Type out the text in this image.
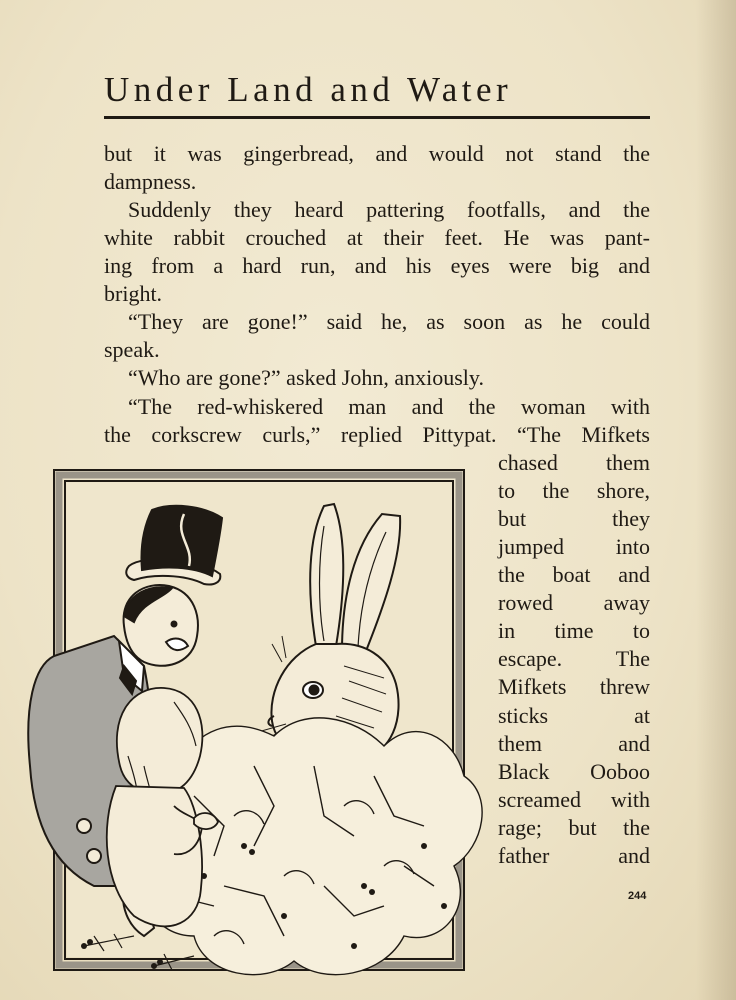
Under Land and Water
but it was gingerbread, and would not stand the
dampness.
Suddenly they heard pattering footfalls, and the
white rabbit crouched at their feet. He was pant-
ing from a hard run, and his eyes were big and
bright.
“They are gone!” said he, as soon as he could
speak.
“Who are gone?” asked John, anxiously.
“The red-whiskered man and the woman with
the corkscrew curls,” replied Pittypat. “The Mifkets
chased them
to the shore,
but they
jumped into
the boat and
rowed away
in time to
escape. The
Mifkets threw
sticks at
them and
Black Ooboo
screamed with
rage; but the
father and
244
